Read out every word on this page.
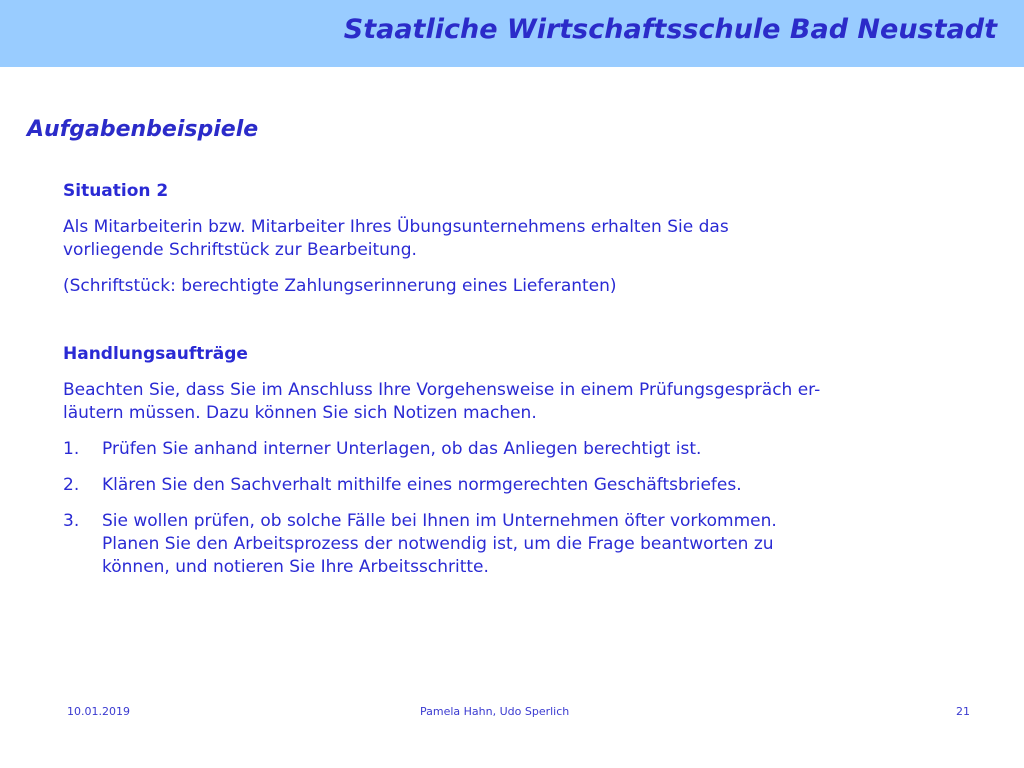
Staatliche Wirtschaftsschule Bad Neustadt
Aufgabenbeispiele

Situation 2

Als Mitarbeiterin bzw. Mitarbeiter Ihres Übungsunternehmens erhalten Sie das
vorliegende Schriftstück zur Bearbeitung.

(Schriftstück: berechtigte Zahlungserinnerung eines Lieferanten)

Handlungsaufträge

Beachten Sie, dass Sie im Anschluss Ihre Vorgehensweise in einem Prüfungsgespräch er-
läutern müssen. Dazu können Sie sich Notizen machen.

1.	Prüfen Sie anhand interner Unterlagen, ob das Anliegen berechtigt ist.
2.	Klären Sie den Sachverhalt mithilfe eines normgerechten Geschäftsbriefes.
3.	Sie wollen prüfen, ob solche Fälle bei Ihnen im Unternehmen öfter vorkommen.
Planen Sie den Arbeitsprozess der notwendig ist, um die Frage beantworten zu
können, und notieren Sie Ihre Arbeitsschritte.
10.01.2019	Pamela Hahn, Udo Sperlich	21
